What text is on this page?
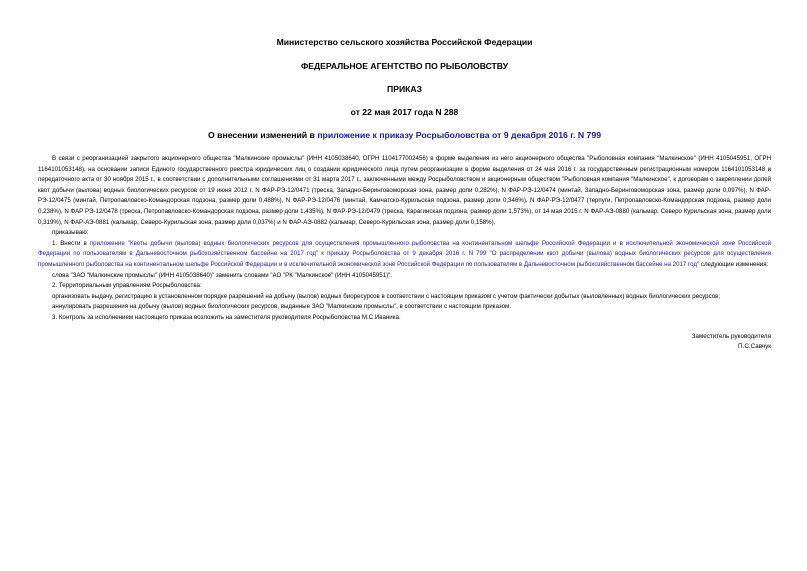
Министерство сельского хозяйства Российской Федерации
ФЕДЕРАЛЬНОЕ АГЕНТСТВО ПО РЫБОЛОВСТВУ
ПРИКАЗ
от 22 мая 2017 года N 288
О внесении изменений в приложение к приказу Росрыболовства от 9 декабря 2016 г. N 799

В связи с реорганизацией закрытого акционерного общества "Малкинские промыслы" (ИНН 4105038640, ОГРН 1104177002456) в форме выделения из него акционерного общества "Рыболовная компания "Малкинское" (ИНН 4105045951, ОГРН 1164101053148), на основании записи Единого государственного реестра юридических лиц о создании юридического лица путем реорганизации в форме выделения от 24 мая 2016 г. за государственным регистрационным номером 1164101053148 и передаточного акта от 30 ноября 2015 г., в соответствии с дополнительными соглашениями от 31 марта 2017 г., заключенными между Росрыболовством и акционерным обществом "Рыболовная компания "Малкинское", к договорам о закреплении долей квот добычи (вылова) водных биологических ресурсов от 19 июня 2012 г. N ФАР-РЭ-12/0471 (треска, Западно-Беринговоморская зона, размер доли 0,282%), N ФАР-РЭ-12/0474 (минтай, Западно-Беринговоморская зона, размер доли 0,097%), N ФАР-РЭ-12/0475 (минтай, Петропавловско-Командорская подзона, размер доли 0,488%), N ФАР-РЭ-12/0476 (минтай, Камчатско-Курильская подзона, размер доли 0,346%), N ФАР-РЭ-12/0477 (терпуги, Петропавловско-Командорская подзона, размер доли 0,238%), N ФАР РЭ-12/0478 (треска, Петропавловско-Командорская подзона, размер доли 1,435%), N ФАР-РЭ-12/0479 (треска, Карагинская подзона, размер доли 1,573%), от 14 мая 2015 г. N ФАР-АЭ-0880 (кальмар, Северо Курильская зона, размер доли 0,319%), N ФАР-АЭ-0881 (кальмар, Северо-Курильская зона, размер доли 0,037%) и N ФАР-АЭ-0882 (кальмар, Северо-Курильская зона, размер доли 0,158%),

приказываю:

1. Внести в приложение "Квоты добычи (вылова) водных биологических ресурсов для осуществления промышленного рыболовства на континентальном шельфе Российской Федерации и в исключительной экономической зоне Российской Федерации по пользователям в Дальневосточном рыбохозяйственном бассейне на 2017 год" к приказу Росрыболовства от 9 декабря 2016 г. N 799 "О распределении квот добычи (вылова) водных биологических ресурсов для осуществления промышленного рыболовства на континентальном шельфе Российской Федерации и в исключительной экономической зоне Российской Федерации по пользователям в Дальневосточном рыбохозяйственном бассейне на 2017 год" следующие изменения:

слова "ЗАО "Малкинские промыслы" (ИНН 4105038640)" заменить словами "АО "РК "Малкинское" (ИНН 4105045951)".

2. Территориальным управлениям Росрыболовства:

организовать выдачу, регистрацию в установленном порядке разрешений на добычу (вылов) водных биоресурсов в соответствии с настоящим приказом с учетом фактически добытых (выловленных) водных биологических ресурсов;

аннулировать разрешения на добычу (вылов) водных биологических ресурсов, выданные ЗАО "Малкинские промыслы", в соответствии с настоящим приказом.

3. Контроль за исполнением настоящего приказа возложить на заместителя руководителя Росрыболовства М.С.Иваника.

Заместитель руководителя
П.С.Савчук
